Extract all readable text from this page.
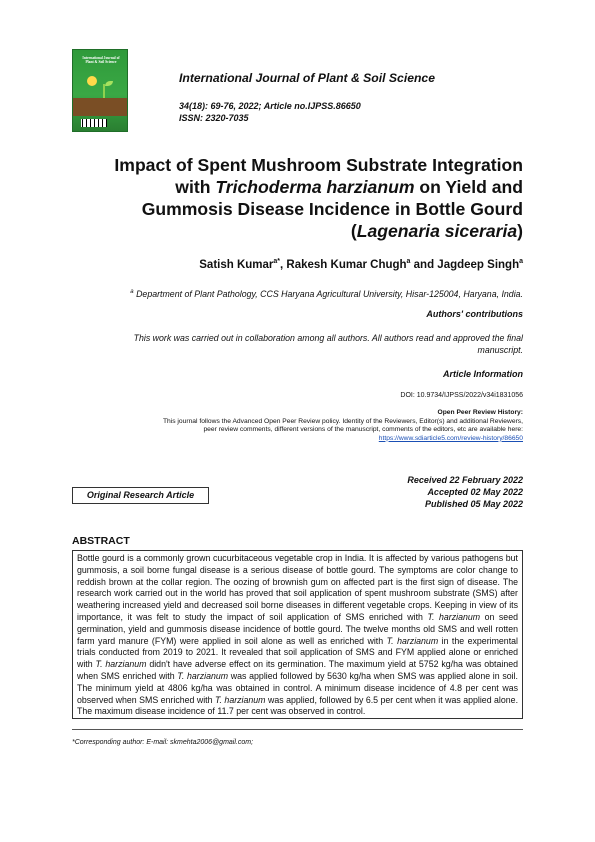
International Journal of Plant & Soil Science
International Journal of Plant & Soil Science
34(18): 69-76, 2022; Article no.IJPSS.86650
ISSN: 2320-7035
Impact of Spent Mushroom Substrate Integration
with Trichoderma harzianum on Yield and
Gummosis Disease Incidence in Bottle Gourd
(Lagenaria siceraria)
Satish Kumar$^{a*}$, Rakesh Kumar Chugh$^a$ and Jagdeep Singh$^a$
$^a$ Department of Plant Pathology, CCS Haryana Agricultural University, Hisar-125004, Haryana, India.
Authors' contributions
This work was carried out in collaboration among all authors. All authors read and approved the final
manuscript.
Article Information
DOI: 10.9734/IJPSS/2022/v34i1831056
Open Peer Review History:
This journal follows the Advanced Open Peer Review policy. Identity of the Reviewers, Editor(s) and additional Reviewers,
peer review comments, different versions of the manuscript, comments of the editors, etc are available here:
https://www.sdiarticle5.com/review-history/86650
Received 22 February 2022
Accepted 02 May 2022
Published 05 May 2022
Original Research Article
ABSTRACT
Bottle gourd is a commonly grown cucurbitaceous vegetable crop in India. It is affected by various pathogens but gummosis, a soil borne fungal disease is a serious disease of bottle gourd. The symptoms are color change to reddish brown at the collar region. The oozing of brownish gum on affected part is the first sign of disease. The research work carried out in the world has proved that soil application of spent mushroom substrate (SMS) after weathering increased yield and decreased soil borne diseases in different vegetable crops. Keeping in view of its importance, it was felt to study the impact of soil application of SMS enriched with T. harzianum on seed germination, yield and gummosis disease incidence of bottle gourd. The twelve months old SMS and well rotten farm yard manure (FYM) were applied in soil alone as well as enriched with T. harzianum in the experimental trials conducted from 2019 to 2021. It revealed that soil application of SMS and FYM applied alone or enriched with T. harzianum didn't have adverse effect on its germination. The maximum yield at 5752 kg/ha was obtained when SMS enriched with T. harzianum was applied followed by 5630 kg/ha when SMS was applied alone in soil. The minimum yield at 4806 kg/ha was obtained in control. A minimum disease incidence of 4.8 per cent was observed when SMS enriched with T. harzianum was applied, followed by 6.5 per cent when it was applied alone. The maximum disease incidence of 11.7 per cent was observed in control.
*Corresponding author: E-mail: skmehta2006@gmail.com;
